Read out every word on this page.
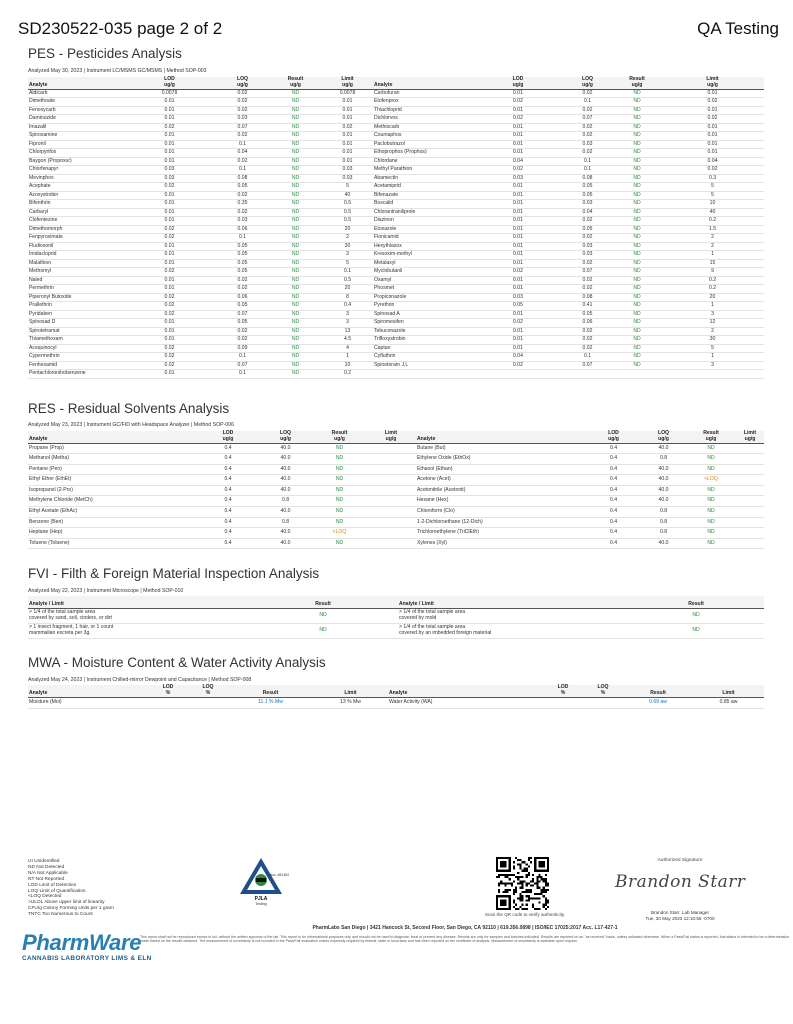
SD230522-035 page 2 of 2	QA Testing
PES - Pesticides Analysis
Analyzed May 30, 2023 | Instrument LC/MSMS GC/MSMS | Method SOP-003
Analyte	LOD
ug/g	LOQ
ug/g	Result
ug/g	Limit
ug/g	Analyte	LOD
ug/g	LOQ
ug/g	Result
ug/g	Limit
ug/g
Aldicarb	0.0078	0.02	ND	0.0078	Carbofuran	0.01	0.02	ND	0.01
Dimethoate	0.01	0.02	ND	0.01	Etofenprox	0.02	0.1	ND	0.02
Fenoxycarb	0.01	0.02	ND	0.01	Thiachloprid	0.01	0.02	ND	0.01
Daminozide	0.01	0.03	ND	0.01	Dichlorvos	0.02	0.07	ND	0.02
Imazalil	0.02	0.07	ND	0.02	Methiocarb	0.01	0.02	ND	0.01
Spiroxamine	0.01	0.02	ND	0.01	Coumaphos	0.01	0.02	ND	0.01
Fipronil	0.01	0.1	ND	0.01	Paclobutrazol	0.01	0.03	ND	0.01
Chlorpyrifos	0.01	0.04	ND	0.01	Ethoprophos (Prophos)	0.01	0.02	ND	0.01
Baygon (Propoxur)	0.01	0.02	ND	0.01	Chlordane	0.04	0.1	ND	0.04
Chlorfenapyr	0.03	0.1	ND	0.03	Methyl Parathion	0.02	0.1	ND	0.02
Mevinphos	0.03	0.08	ND	0.03	Abamectin	0.03	0.08	ND	0.3
Acephate	0.02	0.05	ND	5	Acetamiprid	0.01	0.05	ND	5
Azoxystrobin	0.01	0.02	ND	40	Bifenazate	0.01	0.05	ND	5
Bifenthrin	0.01	0.35	ND	0.5	Boscalid	0.01	0.03	ND	10
Carbaryl	0.01	0.02	ND	0.5	Chlorantraniliprole	0.01	0.04	ND	40
Clofentezine	0.01	0.03	ND	0.5	Diazinon	0.01	0.02	ND	0.2
Dimethomorph	0.02	0.06	ND	20	Etoxazole	0.01	0.05	ND	1.5
Fenpyroximate	0.02	0.1	ND	2	Flonicamid	0.01	0.02	ND	2
Fludioxonil	0.01	0.05	ND	30	Hexythiazox	0.01	0.03	ND	2
Imidacloprid	0.01	0.05	ND	3	Kresoxim-methyl	0.01	0.03	ND	1
Malathion	0.01	0.05	ND	5	Metalaxyl	0.01	0.02	ND	15
Methomyl	0.02	0.05	ND	0.1	Myclobutanil	0.02	0.07	ND	9
Naled	0.01	0.02	ND	0.5	Oxamyl	0.01	0.02	ND	0.2
Permethrin	0.01	0.02	ND	20	Phosmet	0.01	0.02	ND	0.2
Piperonyl Butoxide	0.02	0.06	ND	8	Propiconazole	0.03	0.08	ND	20
Prallethrin	0.02	0.05	ND	0.4	Pyrethrin	0.05	0.41	ND	1
Pyridaben	0.02	0.07	ND	3	Spinosad A	0.01	0.05	ND	3
Spinosad D	0.01	0.05	ND	3	Spiromesifen	0.02	0.06	ND	12
Spirotetramat	0.01	0.02	ND	13	Tebuconazole	0.01	0.02	ND	2
Thiamethoxam	0.01	0.02	ND	4.5	Trifloxystrobin	0.01	0.02	ND	30
Acequinocyl	0.02	0.09	ND	4	Captan	0.01	0.02	ND	5
Cypermethrin	0.02	0.1	ND	1	Cyfluthrin	0.04	0.1	ND	1
Fenhexamid	0.02	0.07	ND	10	Spinetoram J,L	0.02	0.07	ND	3
Pentachloronitrobenzene	0.01	0.1	ND	0.2					
RES - Residual Solvents Analysis
Analyzed May 23, 2023 | Instrument GC/FID with Headspace Analyzer | Method SOP-006
Analyte	LOD
ug/g	LOQ
ug/g	Result
ug/g	Limit
ug/g	Analyte	LOD
ug/g	LOQ
ug/g	Result
ug/g	Limit
ug/g
Propane (Prop)	0.4	40.0	ND		Butane (But)	0.4	40.0	ND	
Methanol (Metha)	0.4	40.0	ND		Ethylene Oxide (EthOx)	0.4	0.8	ND	
Pentane (Pen)	0.4	40.0	ND		Ethanol (Ethan)	0.4	40.0	ND	
Ethyl Ether (EthEt)	0.4	40.0	ND		Acetone (Acet)	0.4	40.0	<LOQ	
Isopropanol (2-Pro)	0.4	40.0	ND		Acetonitrile (Acetonit)	0.4	40.0	ND	
Methylene Chloride (MetCh)	0.4	0.8	ND		Hexane (Hex)	0.4	40.0	ND	
Ethyl Acetate (EthAc)	0.4	40.0	ND		Chloroform (Clo)	0.4	0.8	ND	
Benzene (Ben)	0.4	0.8	ND		1-2-Dichloroethane (12-Dich)	0.4	0.8	ND	
Heptane (Hep)	0.4	40.0	<LOQ		Trichloroethylene (TriClEth)	0.4	0.8	ND	
Toluene (Toluene)	0.4	40.0	ND		Xylenes (Xyl)	0.4	40.0	ND	
FVI - Filth & Foreign Material Inspection Analysis
Analyzed May 22, 2023 | Instrument Microscope | Method SOP-010
Analyte / Limit	Result	Analyte / Limit	Result
> 1/4 of the total sample area
covered by sand, soil, cinders, or dirt	ND	> 1/4 of the total sample area
covered by mold	ND
> 1 insect fragment, 1 hair, or 1 count
mammalian excreta per 3g.	ND	> 1/4 of the total sample area
covered by an imbedded foreign material	ND
MWA - Moisture Content & Water Activity Analysis
Analyzed May 24, 2023 | Instrument Chilled-mirror Dewpoint and Capacitance | Method SOP-008
Analyte	LOD
%	LOQ
%	Result	Limit	Analyte	LOD
%	LOQ
%	Result	Limit
Moisture (Moi)			11.1 % Mw	13 % Mw	Water Activity (WA)			0.69 aw	0.85 aw
UI Unidentified
ND Not Detected
N/A Not Applicable
NT Not Reported
LOD Limit of Detection
LOQ Limit of Quantification
<LOQ Detected
>ULOL Above upper limit of linearity
CFU/g Colony Forming Units per 1 gram
TNTC Too Numerous to Count
PJLA
Testing
Acc. #81364
Scan the QR code to verify authenticity.
Authorized Signature
Brandon Starr
Brandon Starr, Lab Manager
Tue, 30 May 2023 12:10:55 -0700
PharmWare
CANNABIS LABORATORY LIMS & ELN
PharmLabs San Diego | 3421 Hancock St, Second Floor, San Diego, CA 92110 | 619.356.0898 | ISO/IEC 17025:2017 Acc. L17-427-1
This report shall not be reproduced except in full, without the written approval of the lab. This report is for informational purposes only and should not be used to diagnose, treat or prevent any disease. Results are only for samples and batches indicated. Results are reported on an "as received" basis, unless indicated otherwise. When a Pass/Fail status is reported, that status is intended to be a determination made based on the results obtained. The measurement of uncertainty is not included in the Pass/Fail evaluation unless expressly required by federal, state or local laws and has been reported on the certificate of analysis. Measurement of uncertainty is available upon request.
